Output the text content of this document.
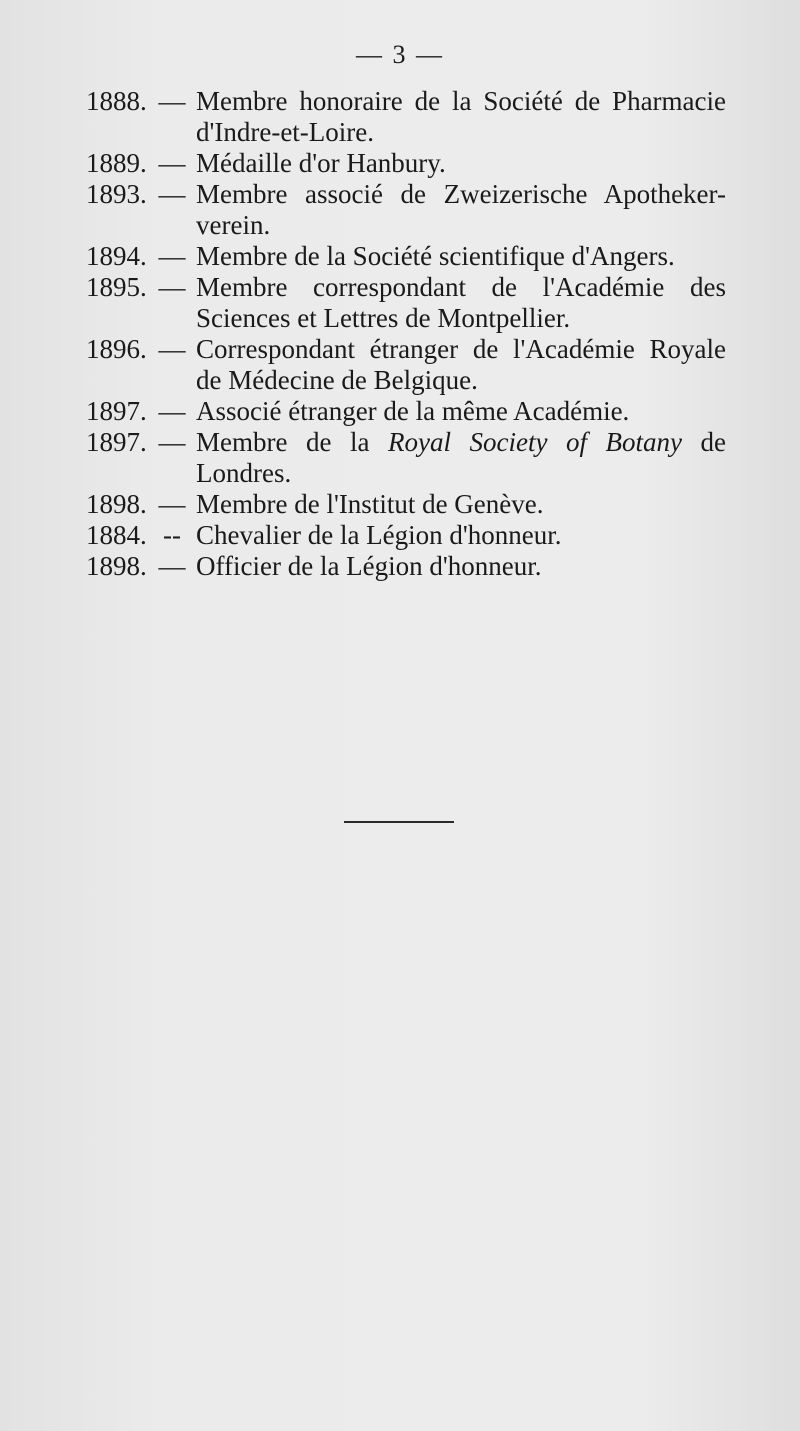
— 3 —
1888. — Membre honoraire de la Société de Pharmacie d'Indre-et-Loire.
1889. — Médaille d'or Hanbury.
1893. — Membre associé de Zweizerische Apotheker-verein.
1894. — Membre de la Société scientifique d'Angers.
1895. — Membre correspondant de l'Académie des Sciences et Lettres de Montpellier.
1896. — Correspondant étranger de l'Académie Royale de Médecine de Belgique.
1897. — Associé étranger de la même Académie.
1897. — Membre de la Royal Society of Botany de Londres.
1898. — Membre de l'Institut de Genève.
1884. -- Chevalier de la Légion d'honneur.
1898. — Officier de la Légion d'honneur.
